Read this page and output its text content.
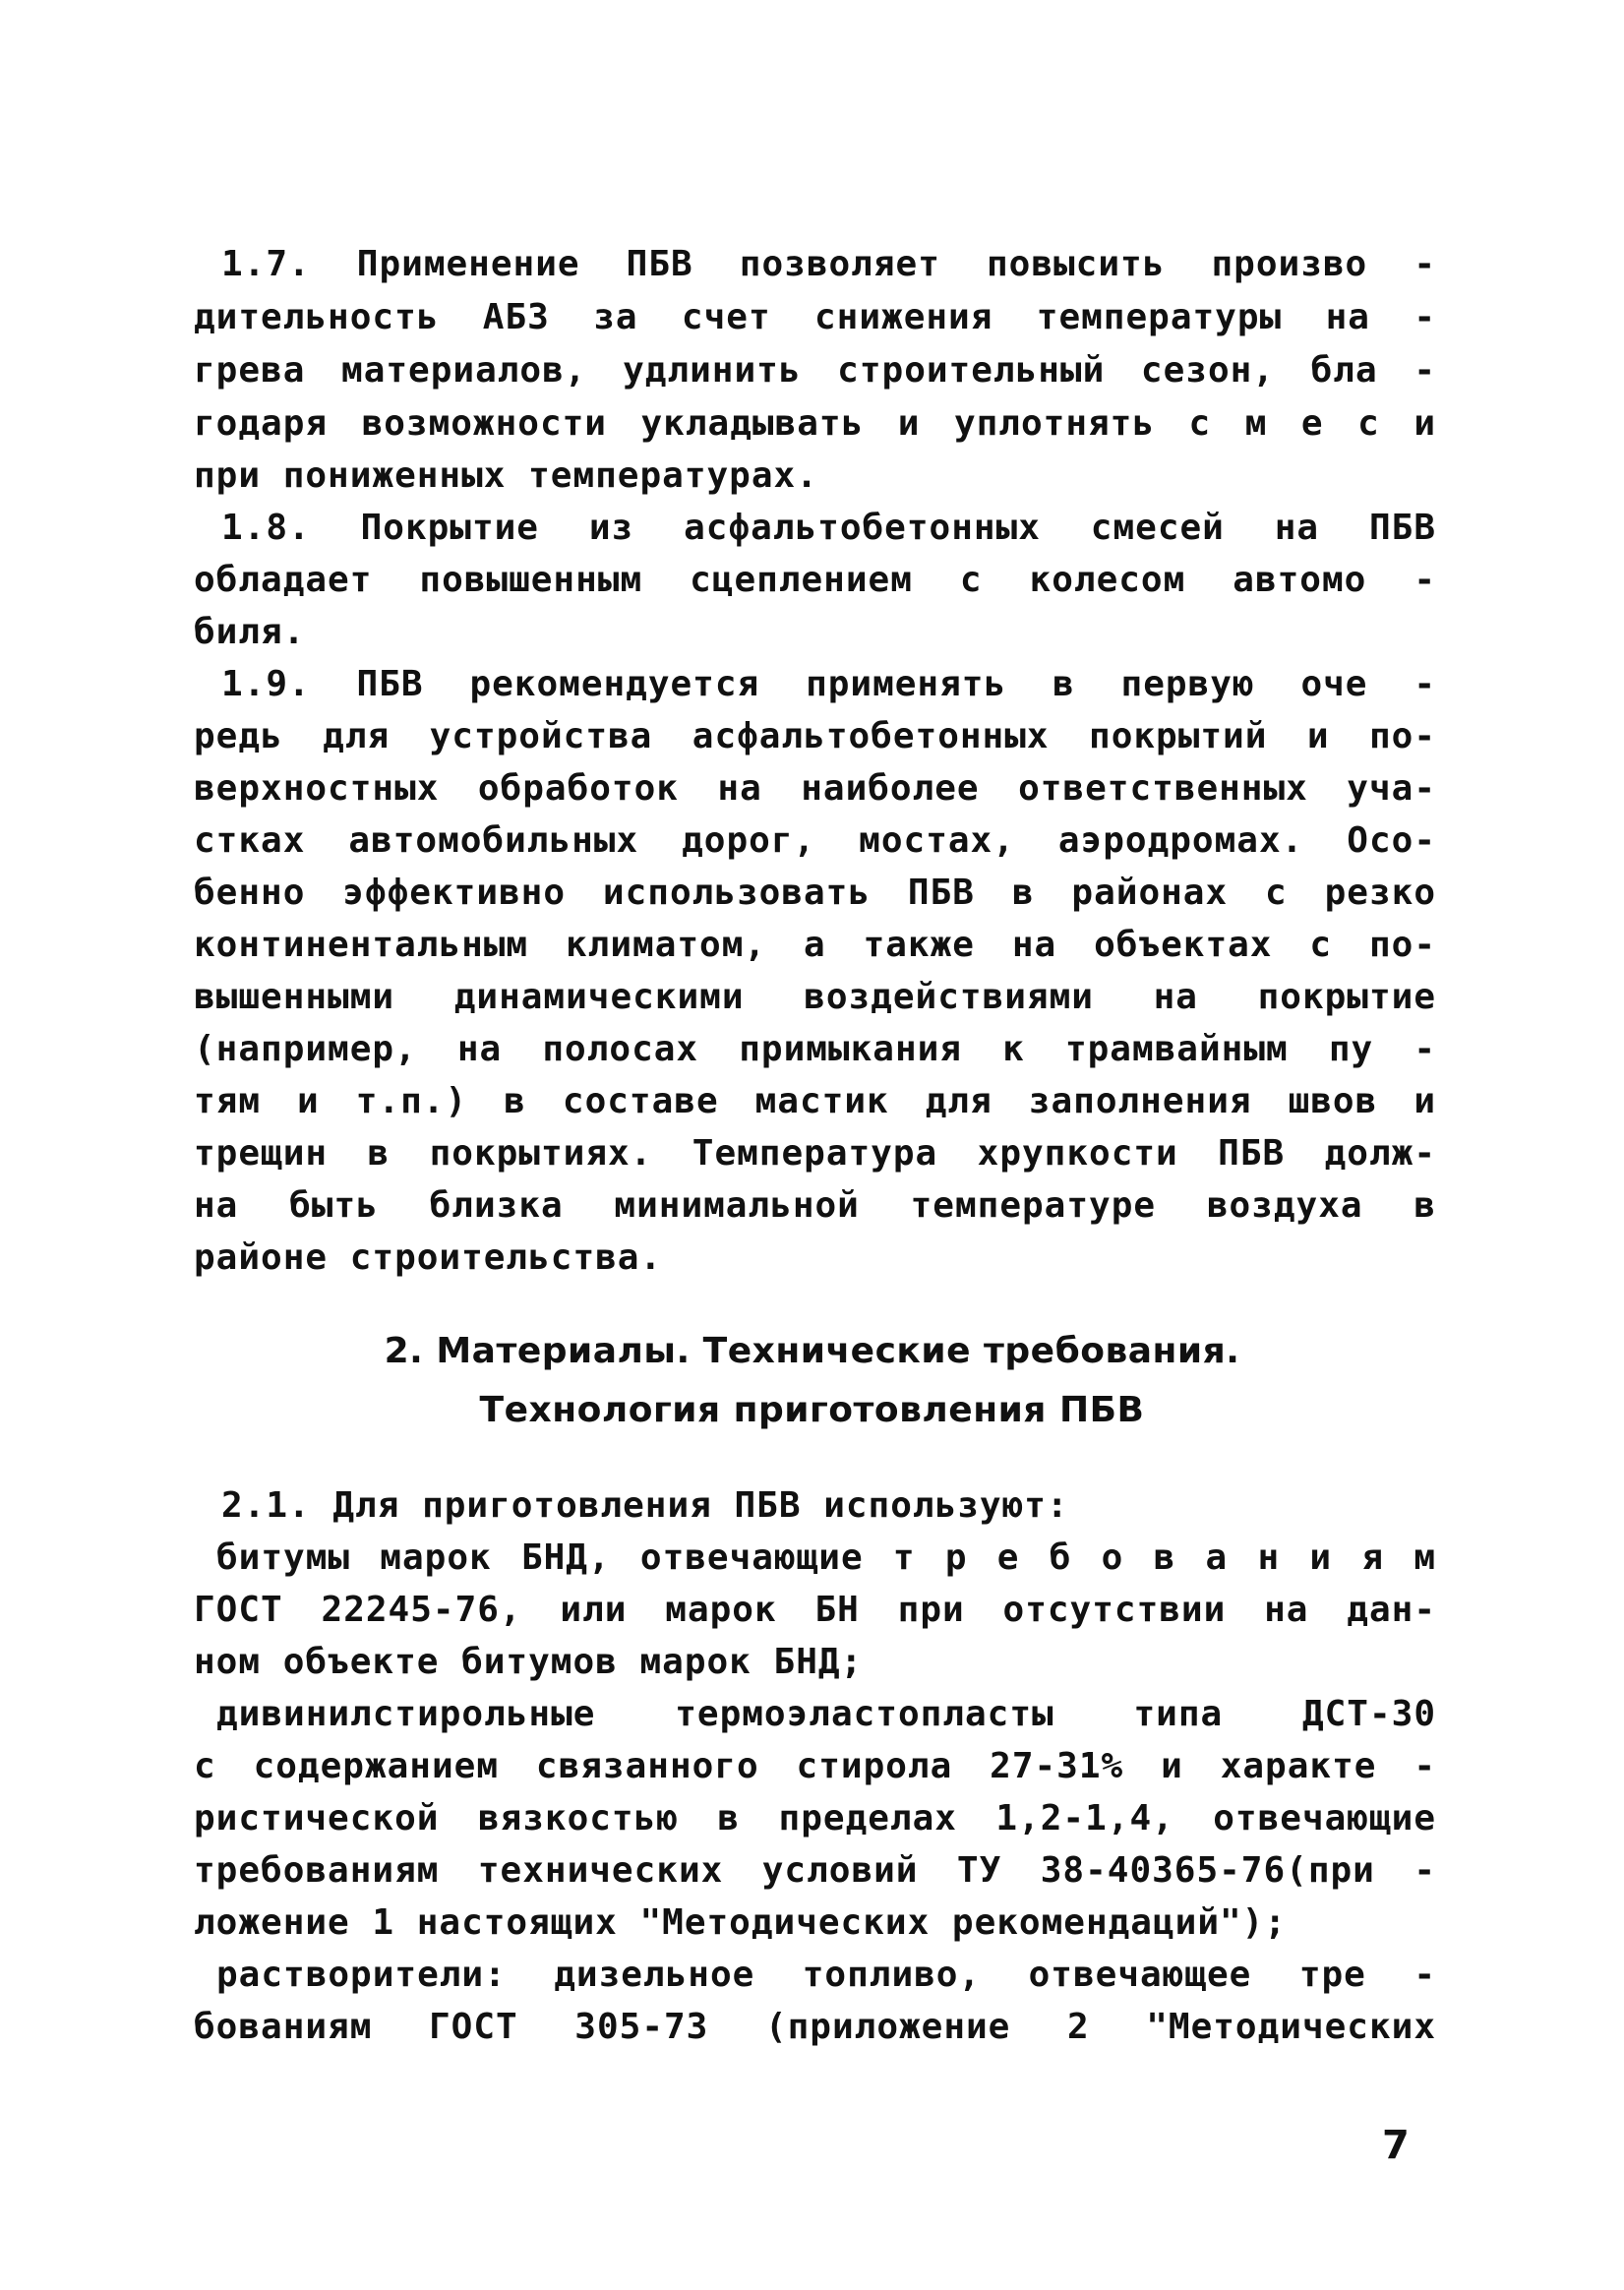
1.7. Применение ПБВ позволяет повысить произво -
дительность АБЗ за счет снижения температуры на -
грева материалов, удлинить строительный сезон, бла -
годаря возможности укладывать и уплотнять с м е с и
при пониженных температурах.
1.8. Покрытие из асфальтобетонных смесей на ПБВ
обладает повышенным сцеплением с колесом автомо -
биля.
1.9. ПБВ рекомендуется применять в первую оче -
редь для устройства асфальтобетонных покрытий и по-
верхностных обработок на наиболее ответственных уча-
стках автомобильных дорог, мостах, аэродромах. Осо-
бенно эффективно использовать ПБВ в районах с резко
континентальным климатом, а также на объектах с по-
вышенными динамическими воздействиями на покрытие
(например, на полосах примыкания к трамвайным пу -
тям и т.п.) в составе мастик для заполнения швов и
трещин в покрытиях. Температура хрупкости ПБВ долж-
на быть близка минимальной температуре воздуха в
районе строительства.
2. Материалы. Технические требования.
Технология приготовления ПБВ
2.1. Для приготовления ПБВ используют:
битумы марок БНД, отвечающие т р е б о в а н и я м
ГОСТ 22245-76, или марок БН при отсутствии на дан-
ном объекте битумов марок БНД;
дивинилстирольные термоэластопласты типа ДСТ-30
с содержанием связанного стирола 27-31% и характе -
ристической вязкостью в пределах 1,2-1,4, отвечающие
требованиям технических условий ТУ 38-40365-76(при -
ложение 1 настоящих "Методических рекомендаций");
растворители: дизельное топливо, отвечающее тре -
бованиям ГОСТ 305-73 (приложение 2 "Методических
7
